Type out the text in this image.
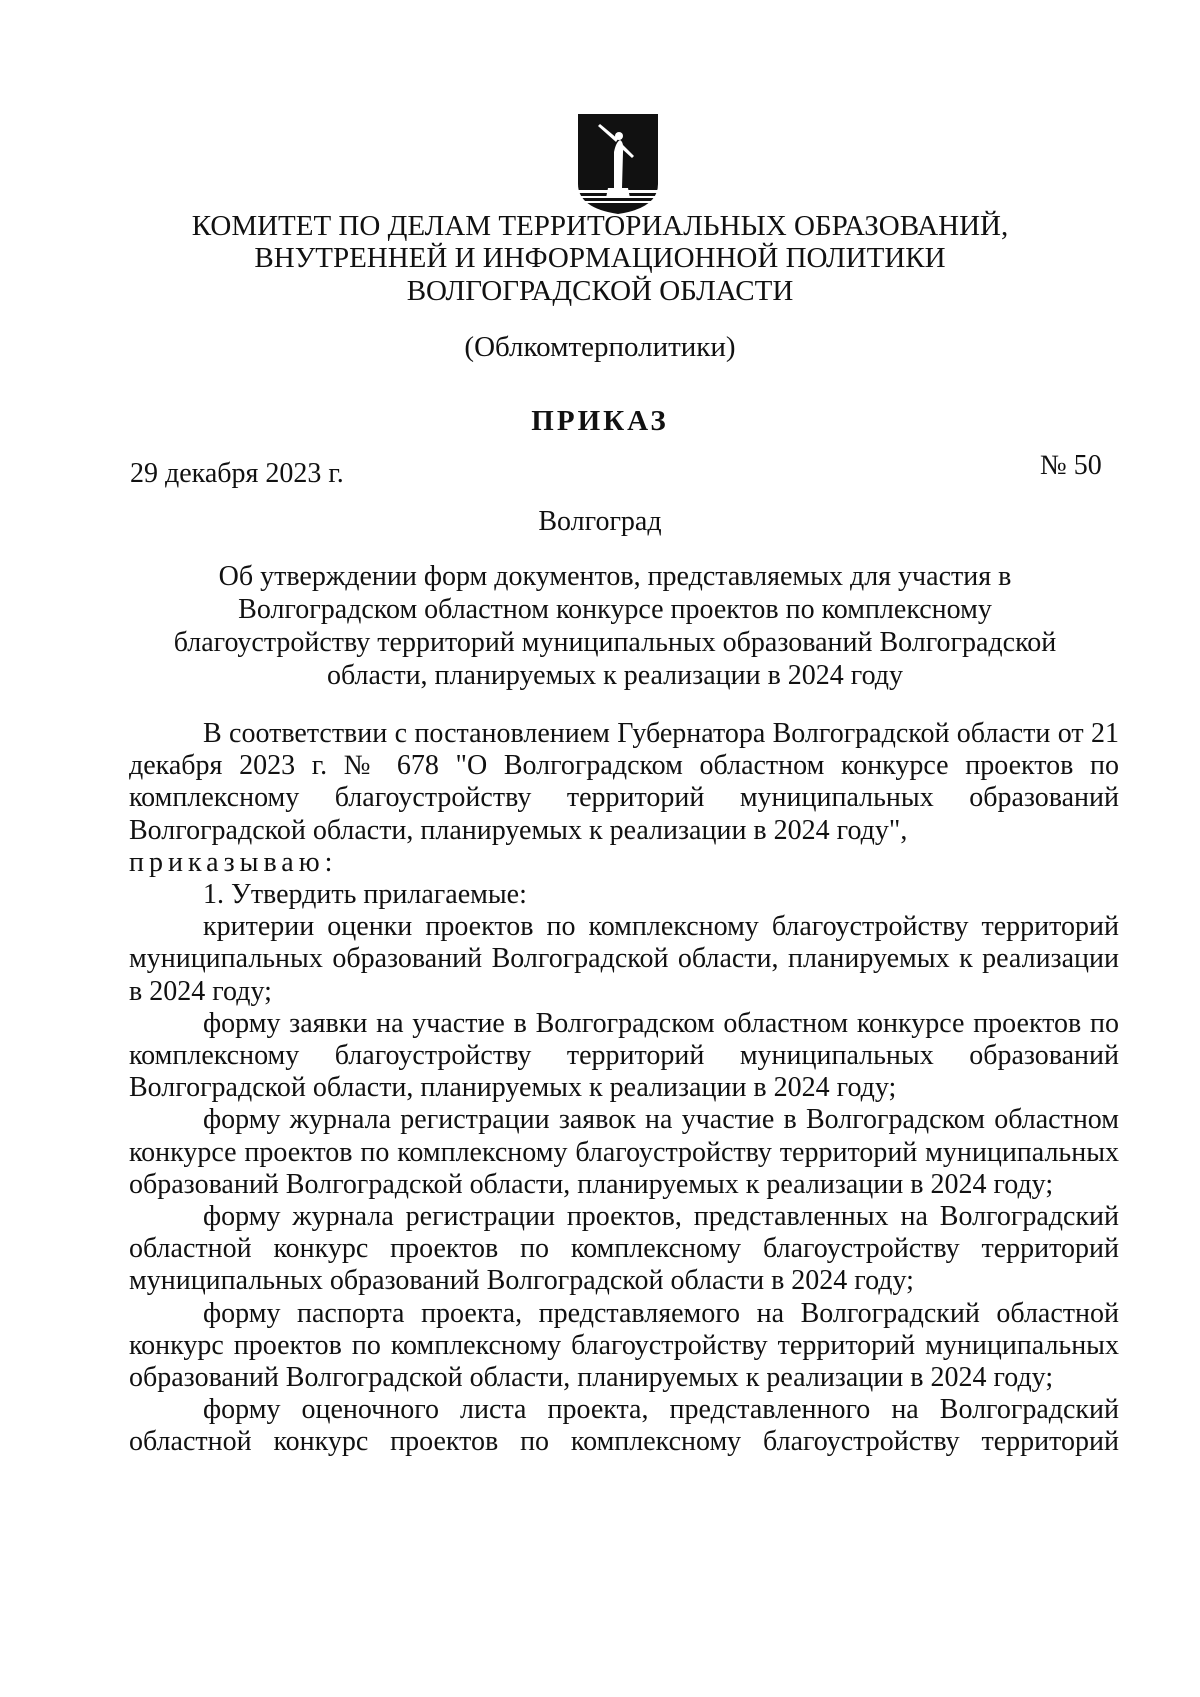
КОМИТЕТ ПО ДЕЛАМ ТЕРРИТОРИАЛЬНЫХ ОБРАЗОВАНИЙ,
ВНУТРЕННЕЙ И ИНФОРМАЦИОННОЙ ПОЛИТИКИ
ВОЛГОГРАДСКОЙ ОБЛАСТИ
(Облкомтерполитики)
ПРИКАЗ
29 декабря 2023 г.	№ 50
Волгоград
Об утверждении форм документов, представляемых для участия в Волгоградском областном конкурсе проектов по комплексному благоустройству территорий муниципальных образований Волгоградской области, планируемых к реализации в 2024 году

В соответствии с постановлением Губернатора Волгоградской области от 21 декабря 2023 г. № 678 "О Волгоградском областном конкурсе проектов по комплексному благоустройству территорий муниципальных образований Волгоградской области, планируемых к реализации в 2024 году",

приказываю:

1. Утвердить прилагаемые:

критерии оценки проектов по комплексному благоустройству территорий муниципальных образований Волгоградской области, планируемых к реализации в 2024 году;

форму заявки на участие в Волгоградском областном конкурсе проектов по комплексному благоустройству территорий муниципальных образований Волгоградской области, планируемых к реализации в 2024 году;

форму журнала регистрации заявок на участие в Волгоградском областном конкурсе проектов по комплексному благоустройству территорий муниципальных образований Волгоградской области, планируемых к реализации в 2024 году;

форму журнала регистрации проектов, представленных на Волгоградский областной конкурс проектов по комплексному благоустройству территорий муниципальных образований Волгоградской области в 2024 году;

форму паспорта проекта, представляемого на Волгоградский областной конкурс проектов по комплексному благоустройству территорий муниципальных образований Волгоградской области, планируемых к реализации в 2024 году;

форму оценочного листа проекта, представленного на Волгоградский областной конкурс проектов по комплексному благоустройству территорий
